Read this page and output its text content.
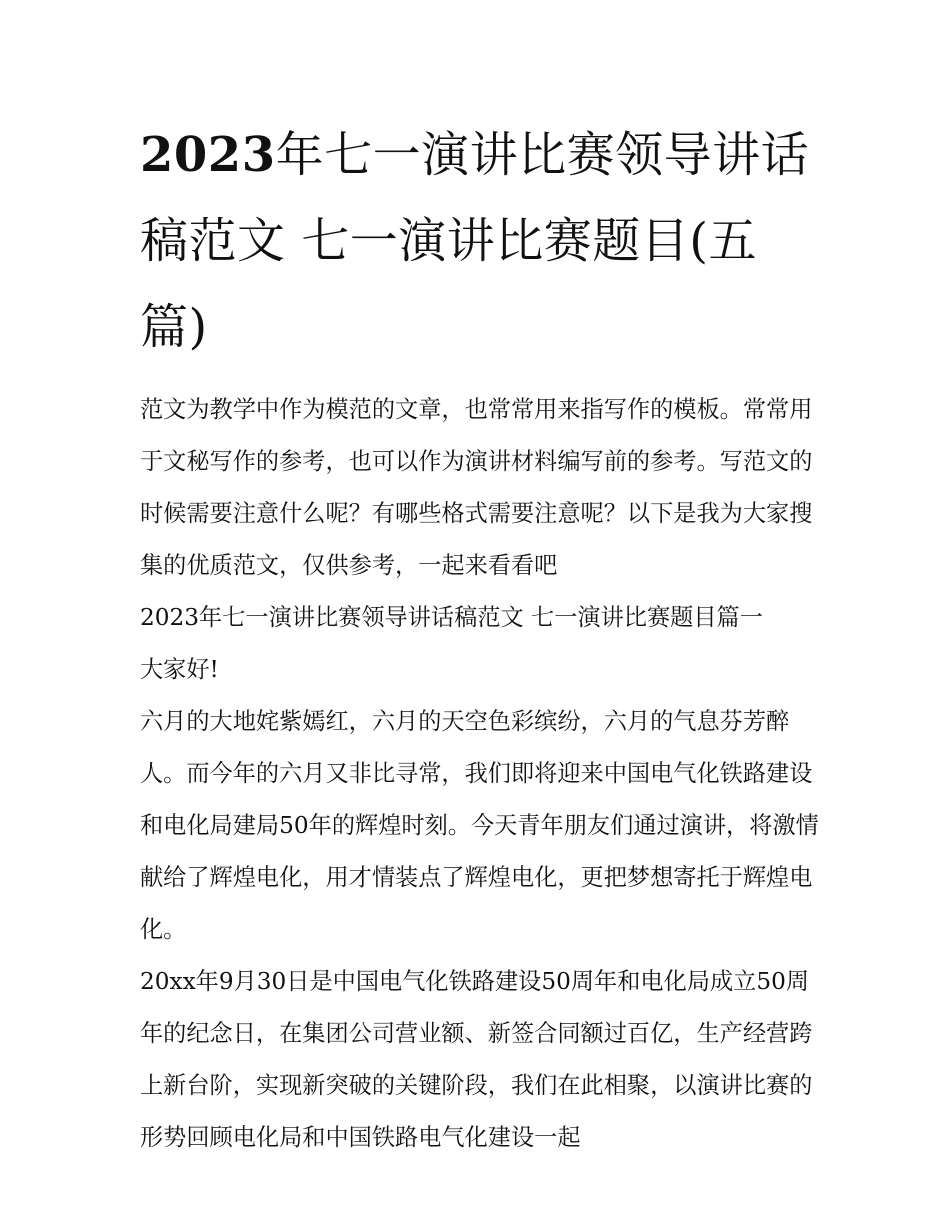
2023年七一演讲比赛领导讲话稿范文 七一演讲比赛题目(五篇)

范文为教学中作为模范的文章，也常常用来指写作的模板。常常用于文秘写作的参考，也可以作为演讲材料编写前的参考。写范文的时候需要注意什么呢？有哪些格式需要注意呢？以下是我为大家搜集的优质范文，仅供参考，一起来看看吧

2023年七一演讲比赛领导讲话稿范文 七一演讲比赛题目篇一

大家好!

六月的大地姹紫嫣红，六月的天空色彩缤纷，六月的气息芬芳醉人。而今年的六月又非比寻常，我们即将迎来中国电气化铁路建设和电化局建局50年的辉煌时刻。今天青年朋友们通过演讲，将激情献给了辉煌电化，用才情装点了辉煌电化，更把梦想寄托于辉煌电化。

20xx年9月30日是中国电气化铁路建设50周年和电化局成立50周年的纪念日，在集团公司营业额、新签合同额过百亿，生产经营跨上新台阶，实现新突破的关键阶段，我们在此相聚，以演讲比赛的形势回顾电化局和中国铁路电气化建设一起
